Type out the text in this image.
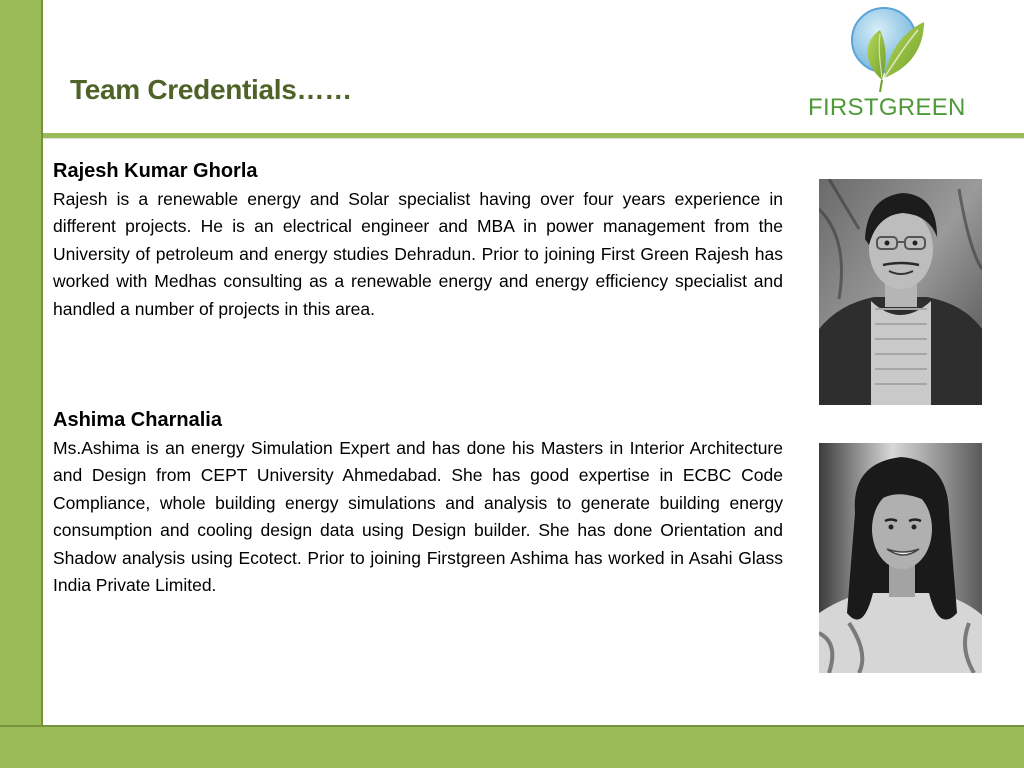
Team Credentials……
FIRSTGREEN
Rajesh Kumar Ghorla

Rajesh is a renewable energy and Solar specialist having over four years experience in different projects. He is an electrical engineer and MBA in power management from the University of petroleum and energy studies Dehradun. Prior to joining First Green Rajesh has worked with Medhas consulting as a renewable energy and energy efficiency specialist and handled a number of projects in this area.

Ashima Charnalia

Ms.Ashima is an energy Simulation Expert and has done his Masters in Interior Architecture and Design from CEPT University Ahmedabad. She has good expertise in ECBC Code Compliance, whole building energy simulations and analysis to generate building energy consumption and cooling design data using Design builder. She has done Orientation and Shadow analysis using Ecotect. Prior to joining Firstgreen Ashima has worked in Asahi Glass India Private Limited.
